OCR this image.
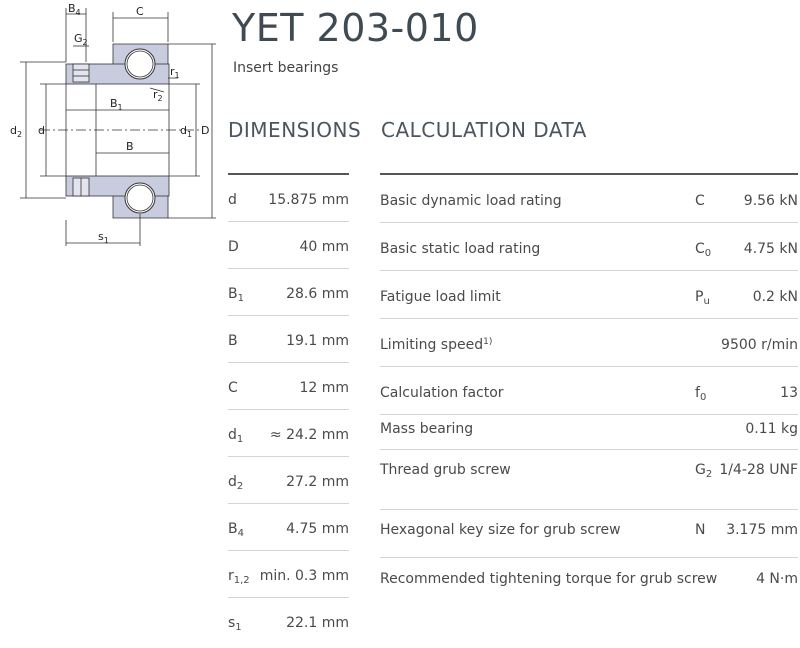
$B_4$	C
$G_2$
$r_1$
$r_2$
$B_1$
$d_2$ d	$d_1$ D
B
$s_1$
YET 203-010
Insert bearings
DIMENSIONS CALCULATION DATA
d 15.875 mm
D	40 mm
$B_1$	28.6 mm
B	19.1 mm
C	12 mm
$d_1 \approx 24.2$ mm
$d_2$	27.2 mm
$B_4$	4.75 mm
$r_{1,2}$ min. 0.3 mm
$s_1$	22.1 mm
Basic dynamic load rating	C	9.56 kN
Basic static load rating	$C_0$ 4.75 kN
Fatigue load limit	$P_u$	0.2 kN
Limiting speed$^{1)}$	9500 r/min
Calculation factor	$f_0$	13
Mass bearing	0.11 kg
Thread grub screw	$G_2$ 1/4-28 UNF
Hexagonal key size for grub screw	N 3.175 mm
Recommended tightening torque for grub screw	4 N·m
